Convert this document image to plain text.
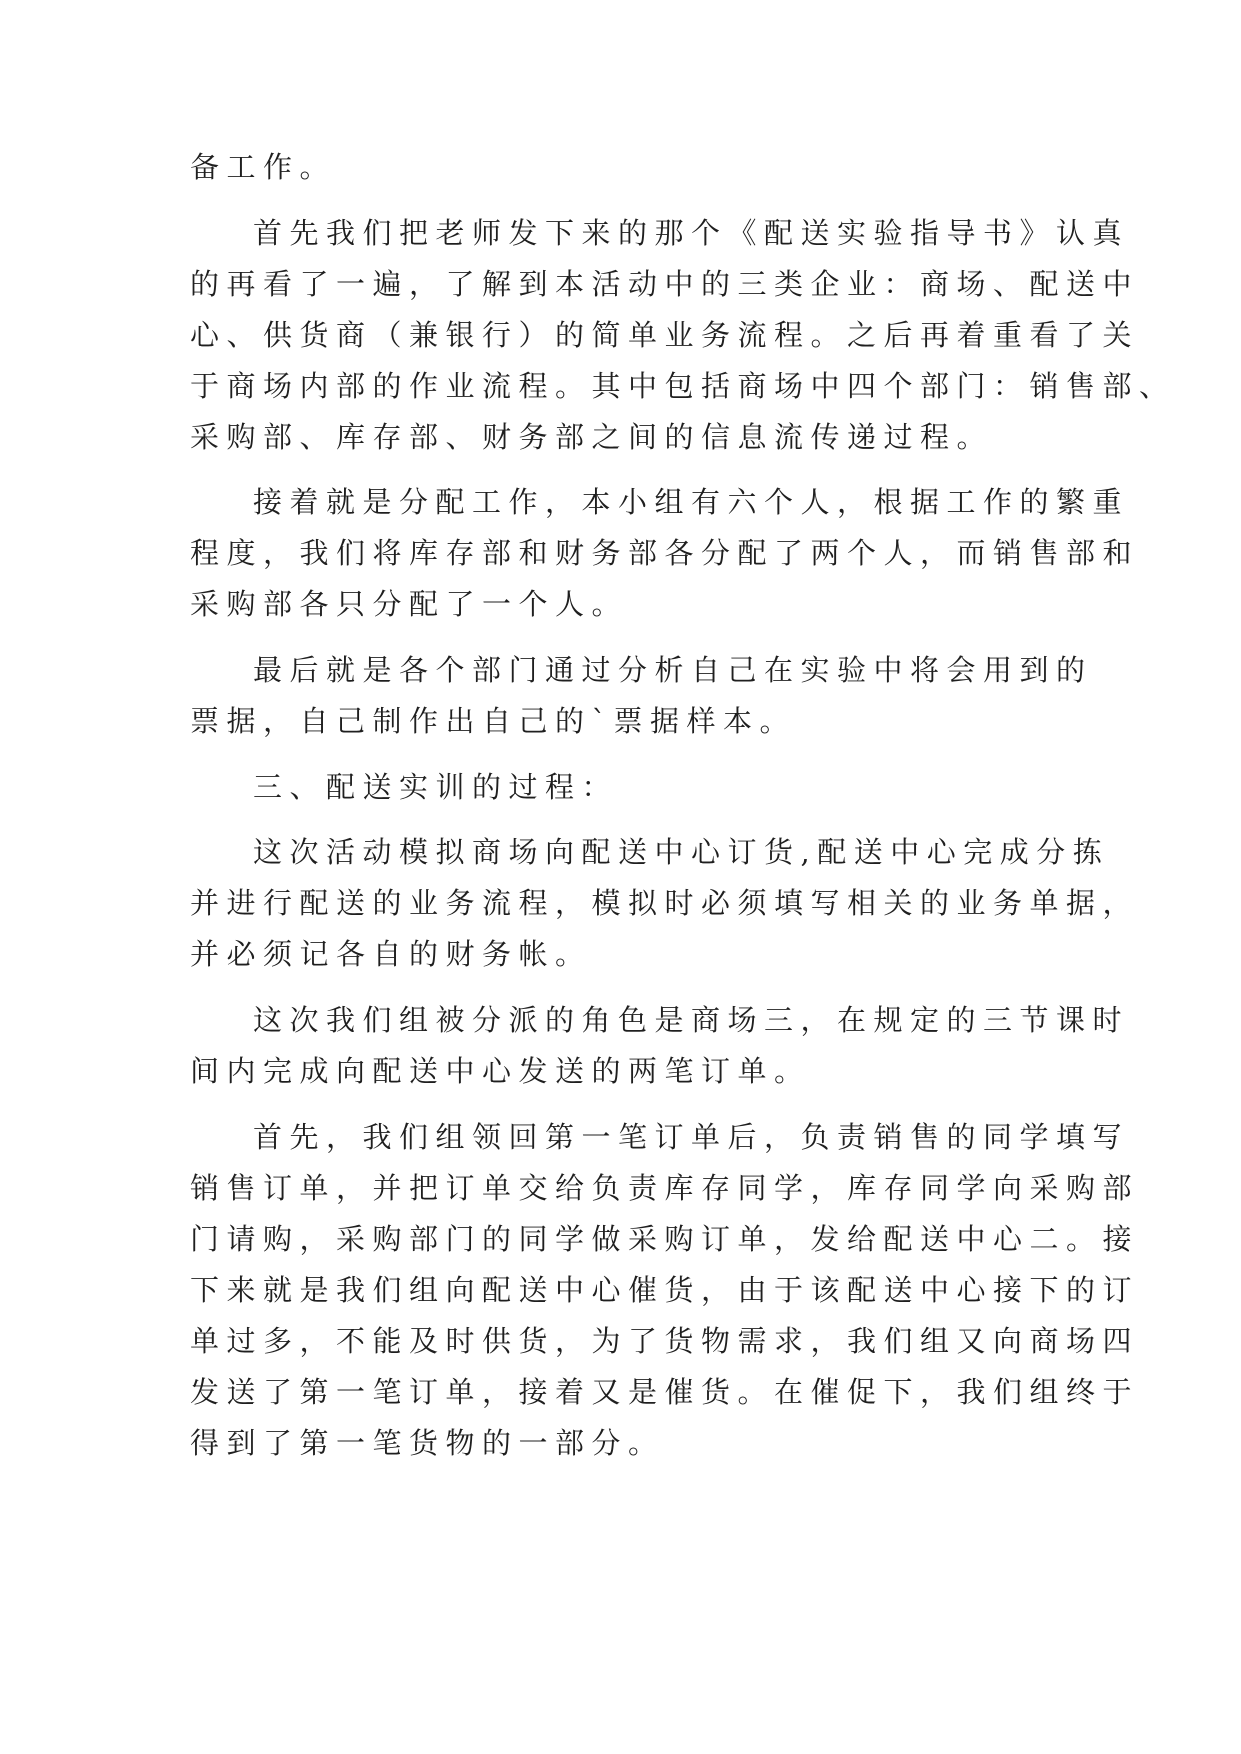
备工作。

首先我们把老师发下来的那个《配送实验指导书》认真

的再看了一遍，了解到本活动中的三类企业：商场、配送中

心、供货商（兼银行）的简单业务流程。之后再着重看了关

于商场内部的作业流程。其中包括商场中四个部门：销售部、

采购部、库存部、财务部之间的信息流传递过程。

接着就是分配工作，本小组有六个人，根据工作的繁重

程度，我们将库存部和财务部各分配了两个人，而销售部和

采购部各只分配了一个人。

最后就是各个部门通过分析自己在实验中将会用到的

票据，自己制作出自己的`票据样本。

三、配送实训的过程：

这次活动模拟商场向配送中心订货,配送中心完成分拣

并进行配送的业务流程，模拟时必须填写相关的业务单据，

并必须记各自的财务帐。

这次我们组被分派的角色是商场三，在规定的三节课时

间内完成向配送中心发送的两笔订单。

首先，我们组领回第一笔订单后，负责销售的同学填写

销售订单，并把订单交给负责库存同学，库存同学向采购部

门请购，采购部门的同学做采购订单，发给配送中心二。接

下来就是我们组向配送中心催货，由于该配送中心接下的订

单过多，不能及时供货，为了货物需求，我们组又向商场四

发送了第一笔订单，接着又是催货。在催促下，我们组终于

得到了第一笔货物的一部分。
